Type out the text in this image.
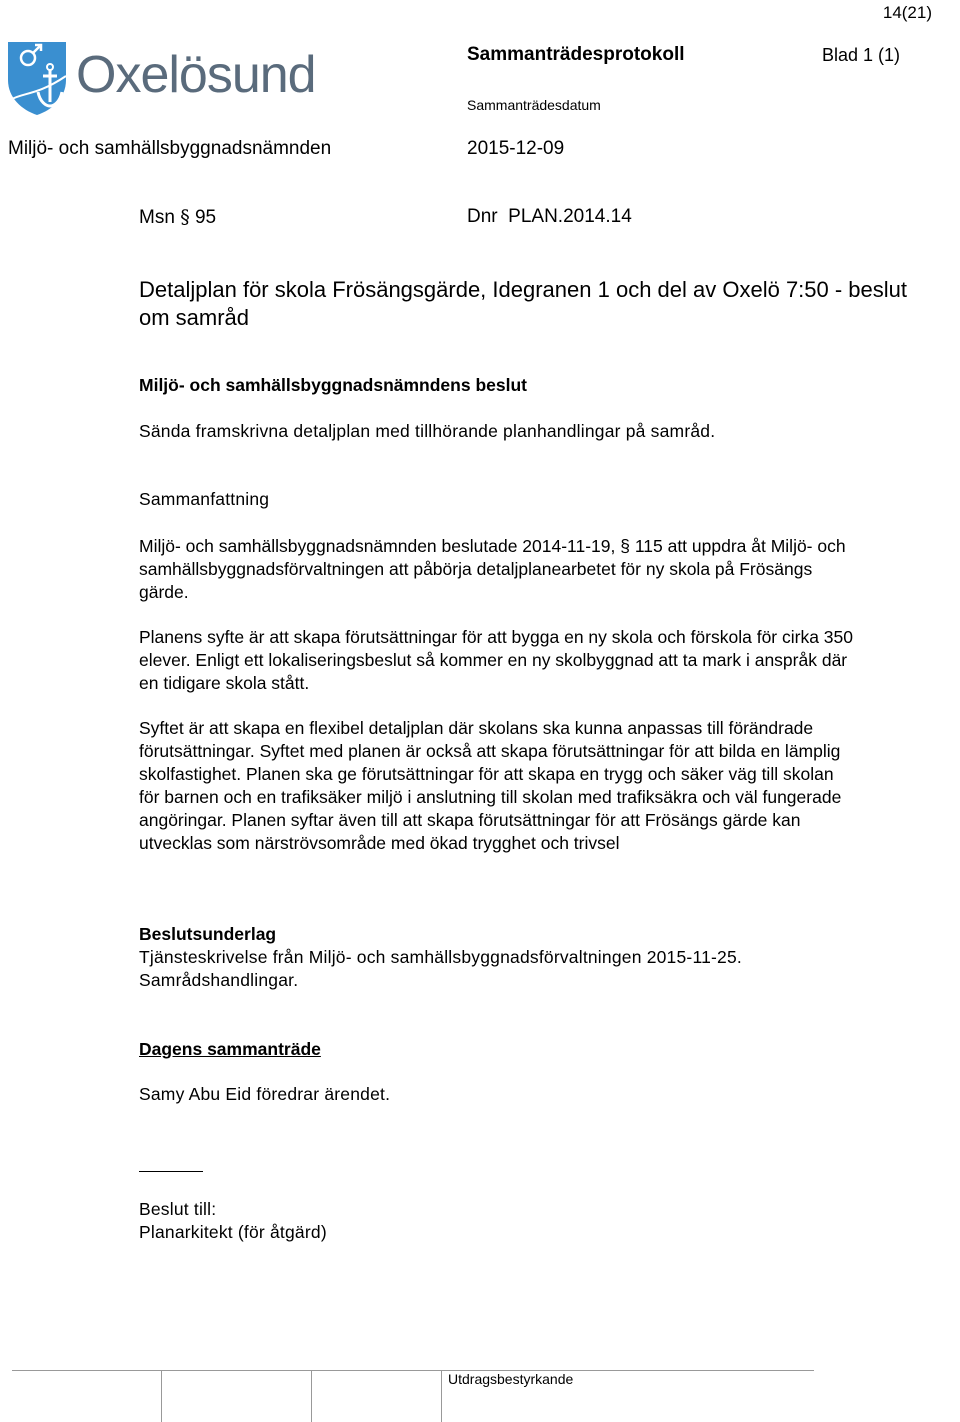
14(21)
Oxelösund	Sammanträdesprotokoll	Blad 1 (1)
Sammanträdesdatum
Miljö- och samhällsbyggnadsnämnden	2015-12-09
Msn § 95	Dnr  PLAN.2014.14
Detaljplan för skola Frösängsgärde, Idegranen 1 och del av Oxelö 7:50 - beslut om samråd
Miljö- och samhällsbyggnadsnämndens beslut
Sända framskrivna detaljplan med tillhörande planhandlingar på samråd.
Sammanfattning
Miljö- och samhällsbyggnadsnämnden beslutade 2014-11-19, § 115 att uppdra åt Miljö- och samhällsbyggnadsförvaltningen att påbörja detaljplanearbetet för ny skola på Frösängs gärde.
Planens syfte är att skapa förutsättningar för att bygga en ny skola och förskola för cirka 350 elever. Enligt ett lokaliseringsbeslut så kommer en ny skolbyggnad att ta mark i anspråk där en tidigare skola stått.
Syftet är att skapa en flexibel detaljplan där skolans ska kunna anpassas till förändrade förutsättningar. Syftet med planen är också att skapa förutsättningar för att bilda en lämplig skolfastighet. Planen ska ge förutsättningar för att skapa en trygg och säker väg till skolan för barnen och en trafiksäker miljö i anslutning till skolan med trafiksäkra och väl fungerade angöringar. Planen syftar även till att skapa förutsättningar för att Frösängs gärde kan utvecklas som närströvsområde med ökad trygghet och trivsel
Beslutsunderlag
Tjänsteskrivelse från Miljö- och samhällsbyggnadsförvaltningen 2015-11-25.
Samrådshandlingar.
Dagens sammanträde
Samy Abu Eid föredrar ärendet.
Beslut till:
Planarkitekt (för åtgärd)
Utdragsbestyrkande
